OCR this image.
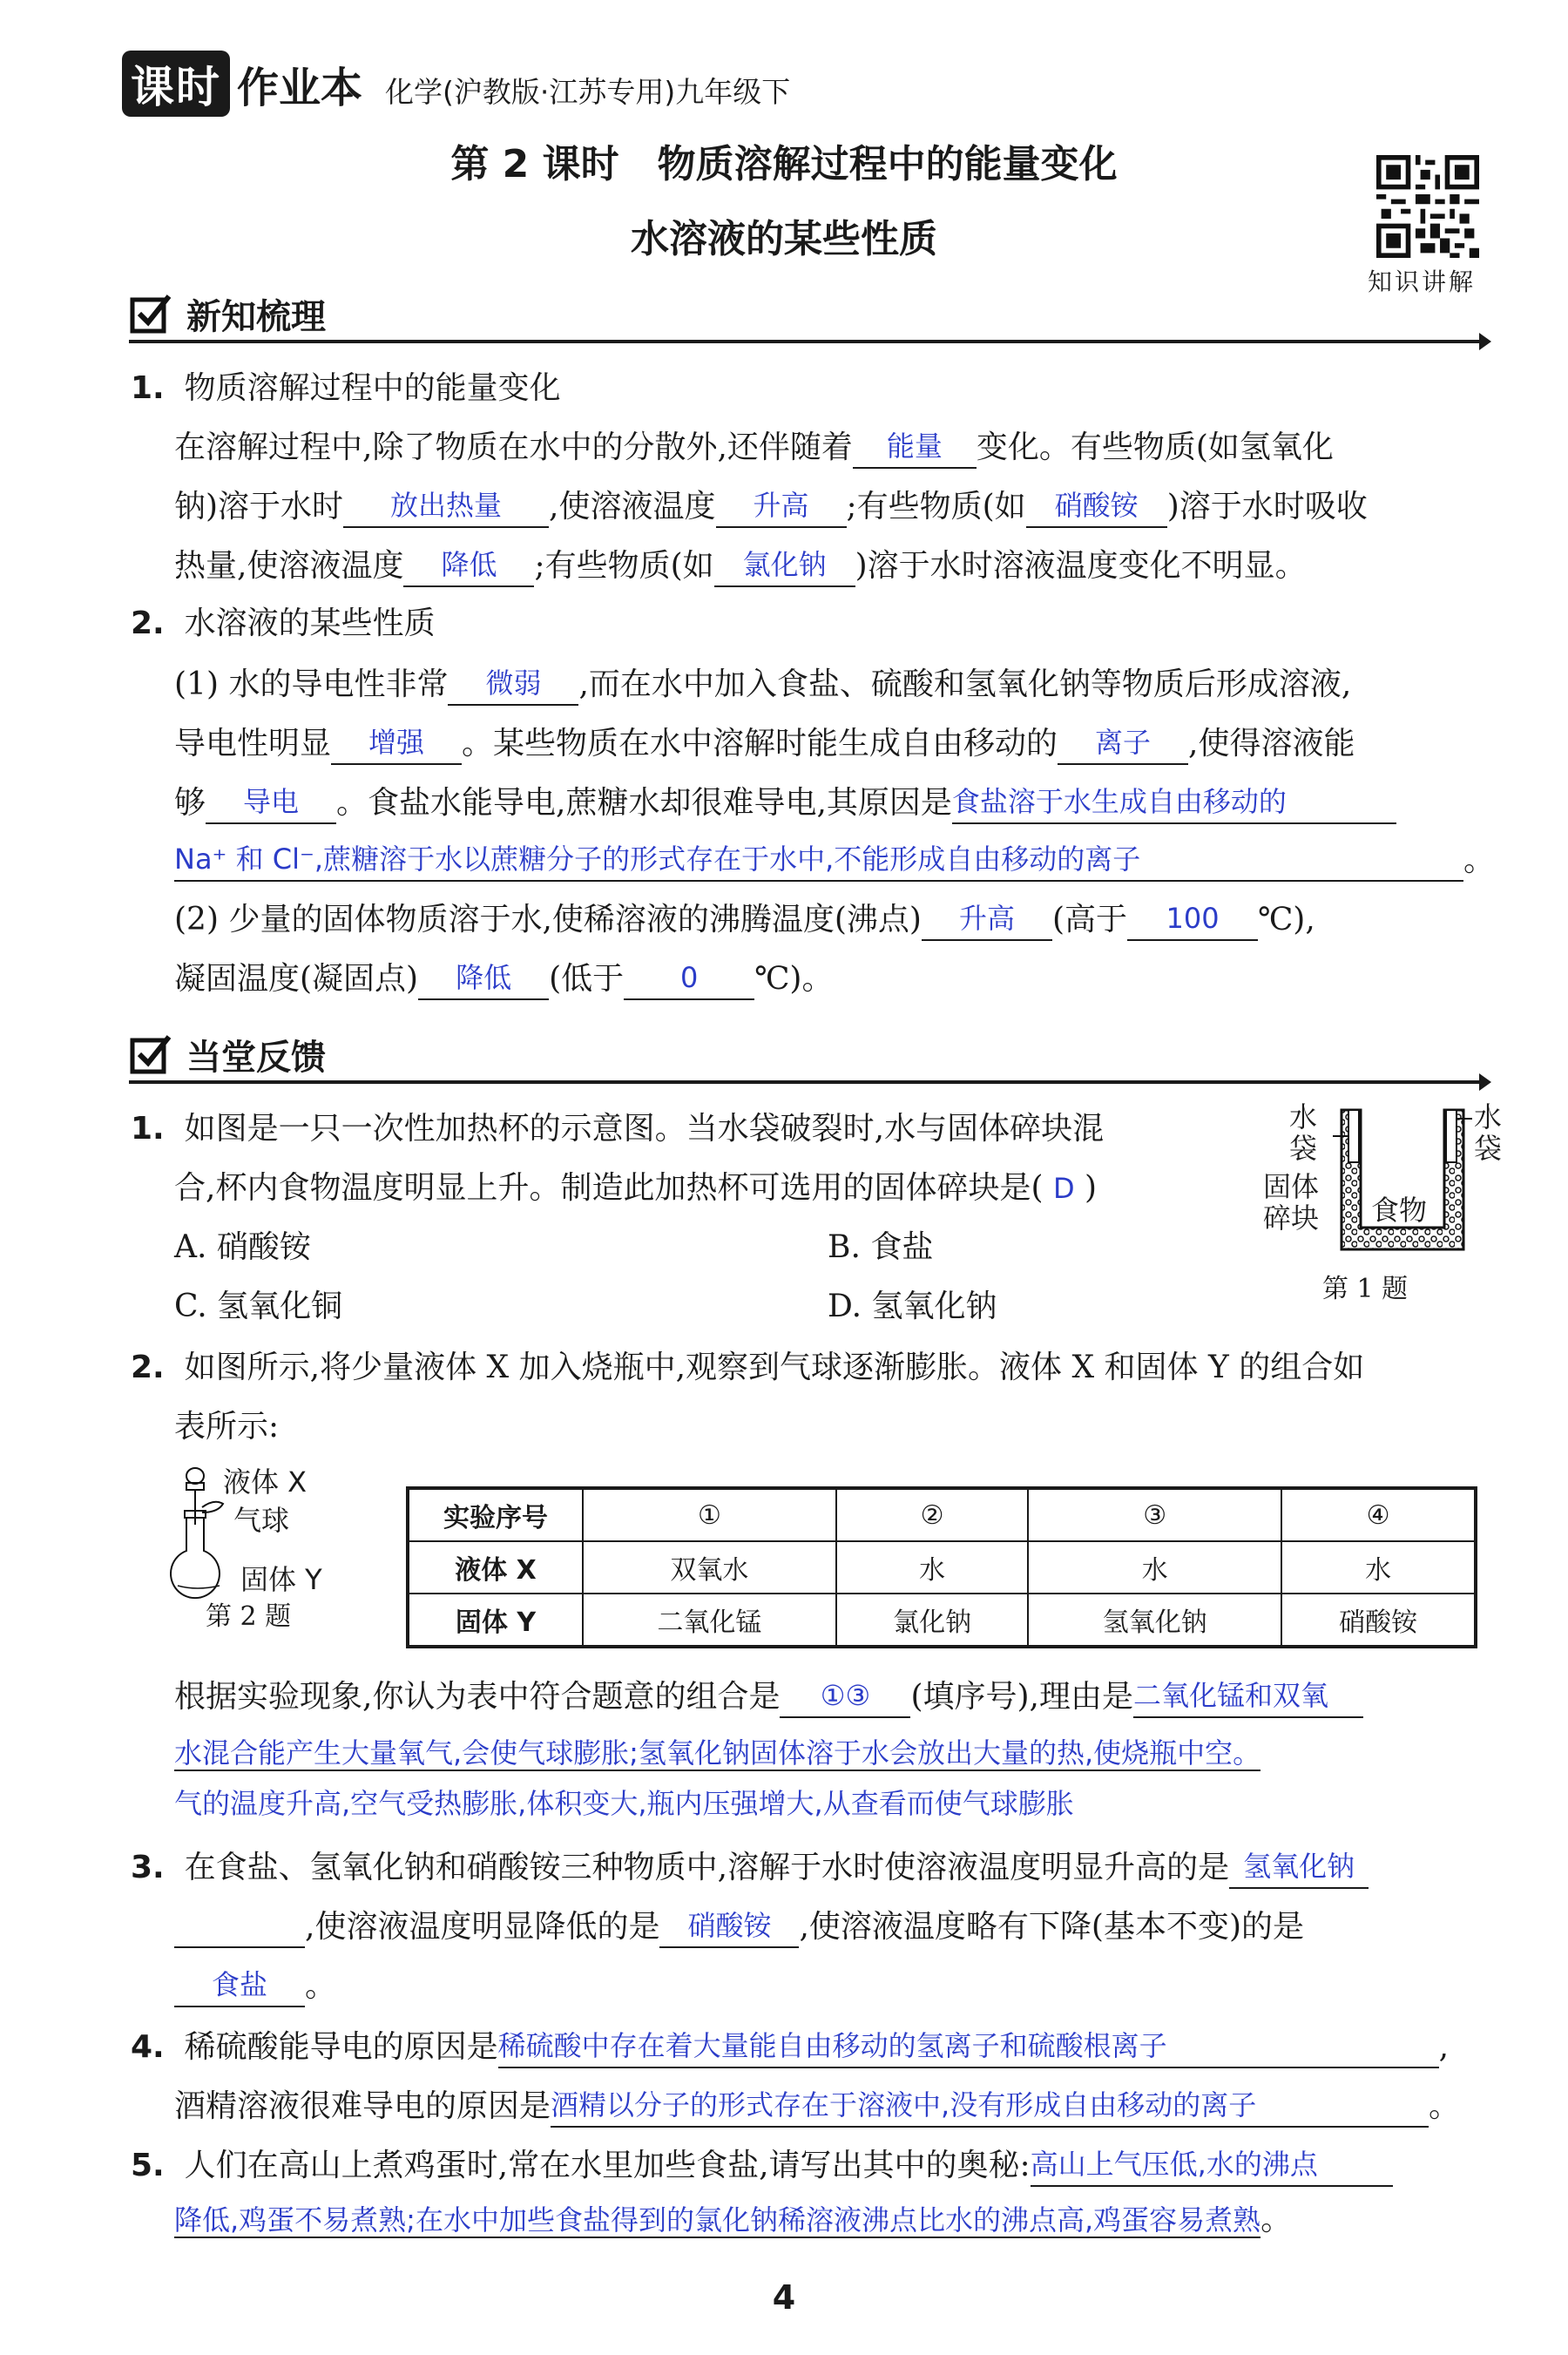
课时 作业本 化学(沪教版·江苏专用)九年级下
第 2 课时　物质溶解过程中的能量变化
水溶液的某些性质
知识讲解
新知梳理
1. 物质溶解过程中的能量变化
在溶解过程中,除了物质在水中的分散外,还伴随着 能量 变化。有些物质(如氢氧化
钠)溶于水时 放出热量 ,使溶液温度 升高 ;有些物质(如 硝酸铵 )溶于水时吸收
热量,使溶液温度 降低 ;有些物质(如 氯化钠 )溶于水时溶液温度变化不明显。
2. 水溶液的某些性质
(1) 水的导电性非常 微弱 ,而在水中加入食盐、硫酸和氢氧化钠等物质后形成溶液,
导电性明显 增强 。某些物质在水中溶解时能生成自由移动的 离子 ,使得溶液能
够 导电 。食盐水能导电,蔗糖水却很难导电,其原因是食盐溶于水生成自由移动的
Na⁺ 和 Cl⁻,蔗糖溶于水以蔗糖分子的形式存在于水中,不能形成自由移动的离子	。
(2) 少量的固体物质溶于水,使稀溶液的沸腾温度(沸点) 升高 (高于 100 ℃),
凝固温度(凝固点) 降低 (低于 0 ℃)。
当堂反馈
1. 如图是一只一次性加热杯的示意图。当水袋破裂时,水与固体碎块混
合,杯内食物温度明显上升。制造此加热杯可选用的固体碎块是( D )
A. 硝酸铵	B. 食盐
C. 氢氧化铜	D. 氢氧化钠
水袋
水袋
固体碎块	食物
第 1 题
2. 如图所示,将少量液体 X 加入烧瓶中,观察到气球逐渐膨胀。液体 X 和固体 Y 的组合如
表所示:
液体 X
气球
固体 Y
第 2 题
实验序号	①	②	③	④
液体 X	双氧水	水	水	水
固体 Y	二氧化锰	氯化钠	氢氧化钠	硝酸铵
根据实验现象,你认为表中符合题意的组合是 ①③ (填序号),理由是二氧化锰和双氧
水混合能产生大量氧气,会使气球膨胀;氢氧化钠固体溶于水会放出大量的热,使烧瓶中空。
气的温度升高,空气受热膨胀,体积变大,瓶内压强增大,从查看而使气球膨胀
3. 在食盐、氢氧化钠和硝酸铵三种物质中,溶解于水时使溶液温度明显升高的是 氢氧化钠
,使溶液温度明显降低的是 硝酸铵 ,使溶液温度略有下降(基本不变)的是
食盐 。
4. 稀硫酸能导电的原因是稀硫酸中存在着大量能自由移动的氢离子和硫酸根离子	,
酒精溶液很难导电的原因是酒精以分子的形式存在于溶液中,没有形成自由移动的离子	。
5. 人们在高山上煮鸡蛋时,常在水里加些食盐,请写出其中的奥秘:高山上气压低,水的沸点
降低,鸡蛋不易煮熟;在水中加些食盐得到的氯化钠稀溶液沸点比水的沸点高,鸡蛋容易煮熟。
4
